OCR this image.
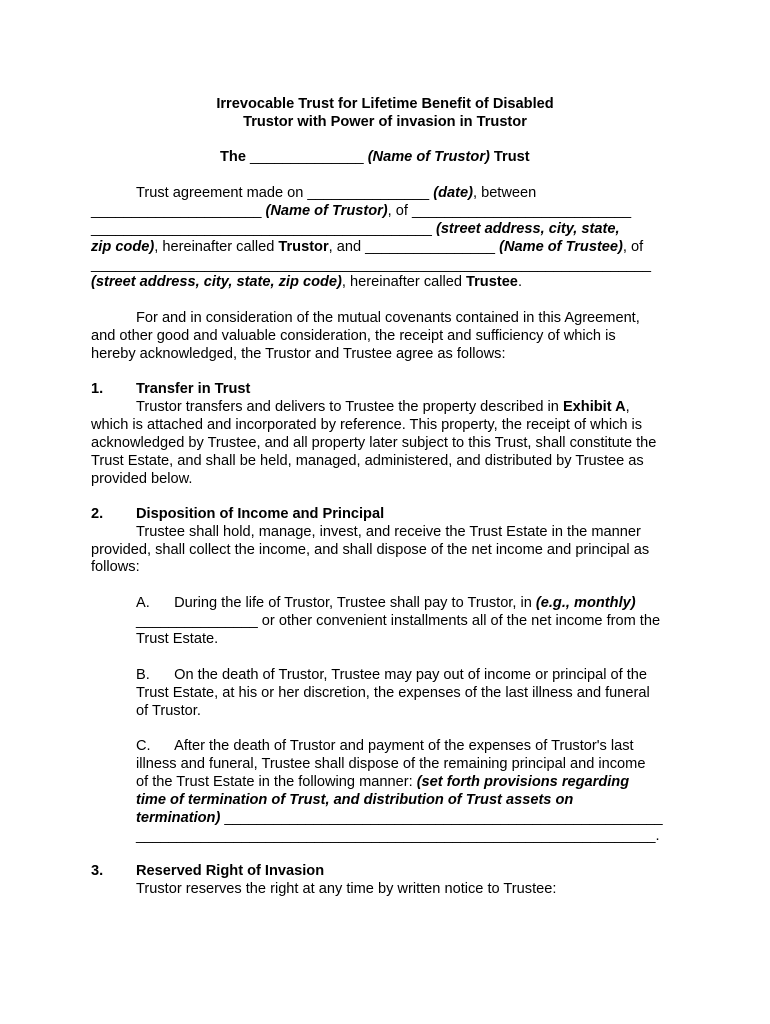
Irrevocable Trust for Lifetime Benefit of Disabled
Trustor with Power of invasion in Trustor
The ______________ (Name of Trustor) Trust
Trust agreement made on _______________ (date), between
_____________________ (Name of Trustor), of ___________________________
__________________________________________ (street address, city, state,
zip code), hereinafter called Trustor, and ________________ (Name of Trustee), of
_____________________________________________________________________
(street address, city, state, zip code), hereinafter called Trustee.
For and in consideration of the mutual covenants contained in this Agreement,
and other good and valuable consideration, the receipt and sufficiency of which is
hereby acknowledged, the Trustor and Trustee agree as follows:
1. Transfer in Trust
Trustor transfers and delivers to Trustee the property described in Exhibit A,
which is attached and incorporated by reference. This property, the receipt of which is
acknowledged by Trustee, and all property later subject to this Trust, shall constitute the
Trust Estate, and shall be held, managed, administered, and distributed by Trustee as
provided below.
2. Disposition of Income and Principal
Trustee shall hold, manage, invest, and receive the Trust Estate in the manner
provided, shall collect the income, and shall dispose of the net income and principal as
follows:
A.      During the life of Trustor, Trustee shall pay to Trustor, in (e.g., monthly)
_______________ or other convenient installments all of the net income from the
Trust Estate.
B.      On the death of Trustor, Trustee may pay out of income or principal of the
Trust Estate, at his or her discretion, the expenses of the last illness and funeral
of Trustor.
C.      After the death of Trustor and payment of the expenses of Trustor's last
illness and funeral, Trustee shall dispose of the remaining principal and income
of the Trust Estate in the following manner: (set forth provisions regarding
time of termination of Trust, and distribution of Trust assets on
termination) ______________________________________________________
________________________________________________________________.
3. Reserved Right of Invasion
Trustor reserves the right at any time by written notice to Trustee:
